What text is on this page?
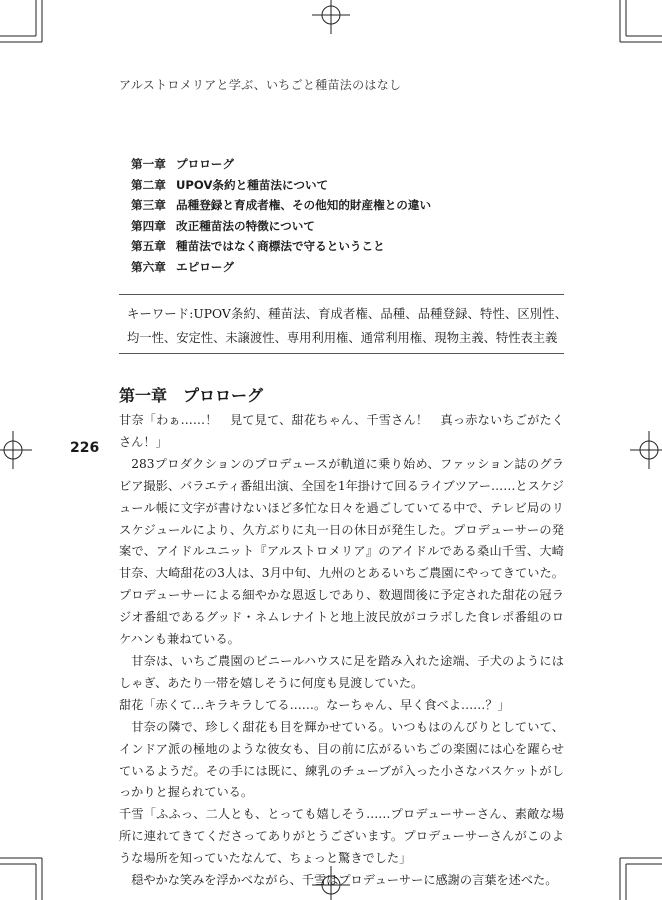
アルストロメリアと学ぶ、いちごと種苗法のはなし
第一章 プロローグ
第二章 UPOV条約と種苗法について
第三章 品種登録と育成者権、その他知的財産権との違い
第四章 改正種苗法の特徴について
第五章 種苗法ではなく商標法で守るということ
第六章 エピローグ
キーワード:UPOV条約、種苗法、育成者権、品種、品種登録、特性、区別性、均一性、安定性、未譲渡性、専用利用権、通常利用権、現物主義、特性表主義
第一章　 プロローグ
226

甘奈「わぁ……！　見て見て、甜花ちゃん、千雪さん！　真っ赤ないちごがたくさん！」

283プロダクションのプロデュースが軌道に乗り始め、ファッション誌のグラビア撮影、バラエティ番組出演、全国を1年掛けて回るライブツアー……とスケジュール帳に文字が書けないほど多忙な日々を過ごしていてる中で、テレビ局のリスケジュールにより、久方ぶりに丸一日の休日が発生した。プロデューサーの発案で、アイドルユニット『アルストロメリア』のアイドルである桑山千雪、大崎甘奈、大崎甜花の3人は、3月中旬、九州のとあるいちご農園にやってきていた。プロデューサーによる細やかな恩返しであり、数週間後に予定された甜花の冠ラジオ番組であるグッド・ネムレナイトと地上波民放がコラボした食レポ番組のロケハンも兼ねている。

甘奈は、いちご農園のビニールハウスに足を踏み入れた途端、子犬のようにはしゃぎ、あたり一帯を嬉しそうに何度も見渡していた。

甜花「赤くて…キラキラしてる……。なーちゃん、早く食べよ……？」

甘奈の隣で、珍しく甜花も目を輝かせている。いつもはのんびりとしていて、インドア派の極地のような彼女も、目の前に広がるいちごの楽園には心を躍らせているようだ。その手には既に、練乳のチューブが入った小さなバスケットがしっかりと握られている。

千雪「ふふっ、二人とも、とっても嬉しそう……プロデューサーさん、素敵な場所に連れてきてくださってありがとうございます。プロデューサーさんがこのような場所を知っていたなんて、ちょっと驚きでした」

穏やかな笑みを浮かべながら、千雪はプロデューサーに感謝の言葉を述べた。
